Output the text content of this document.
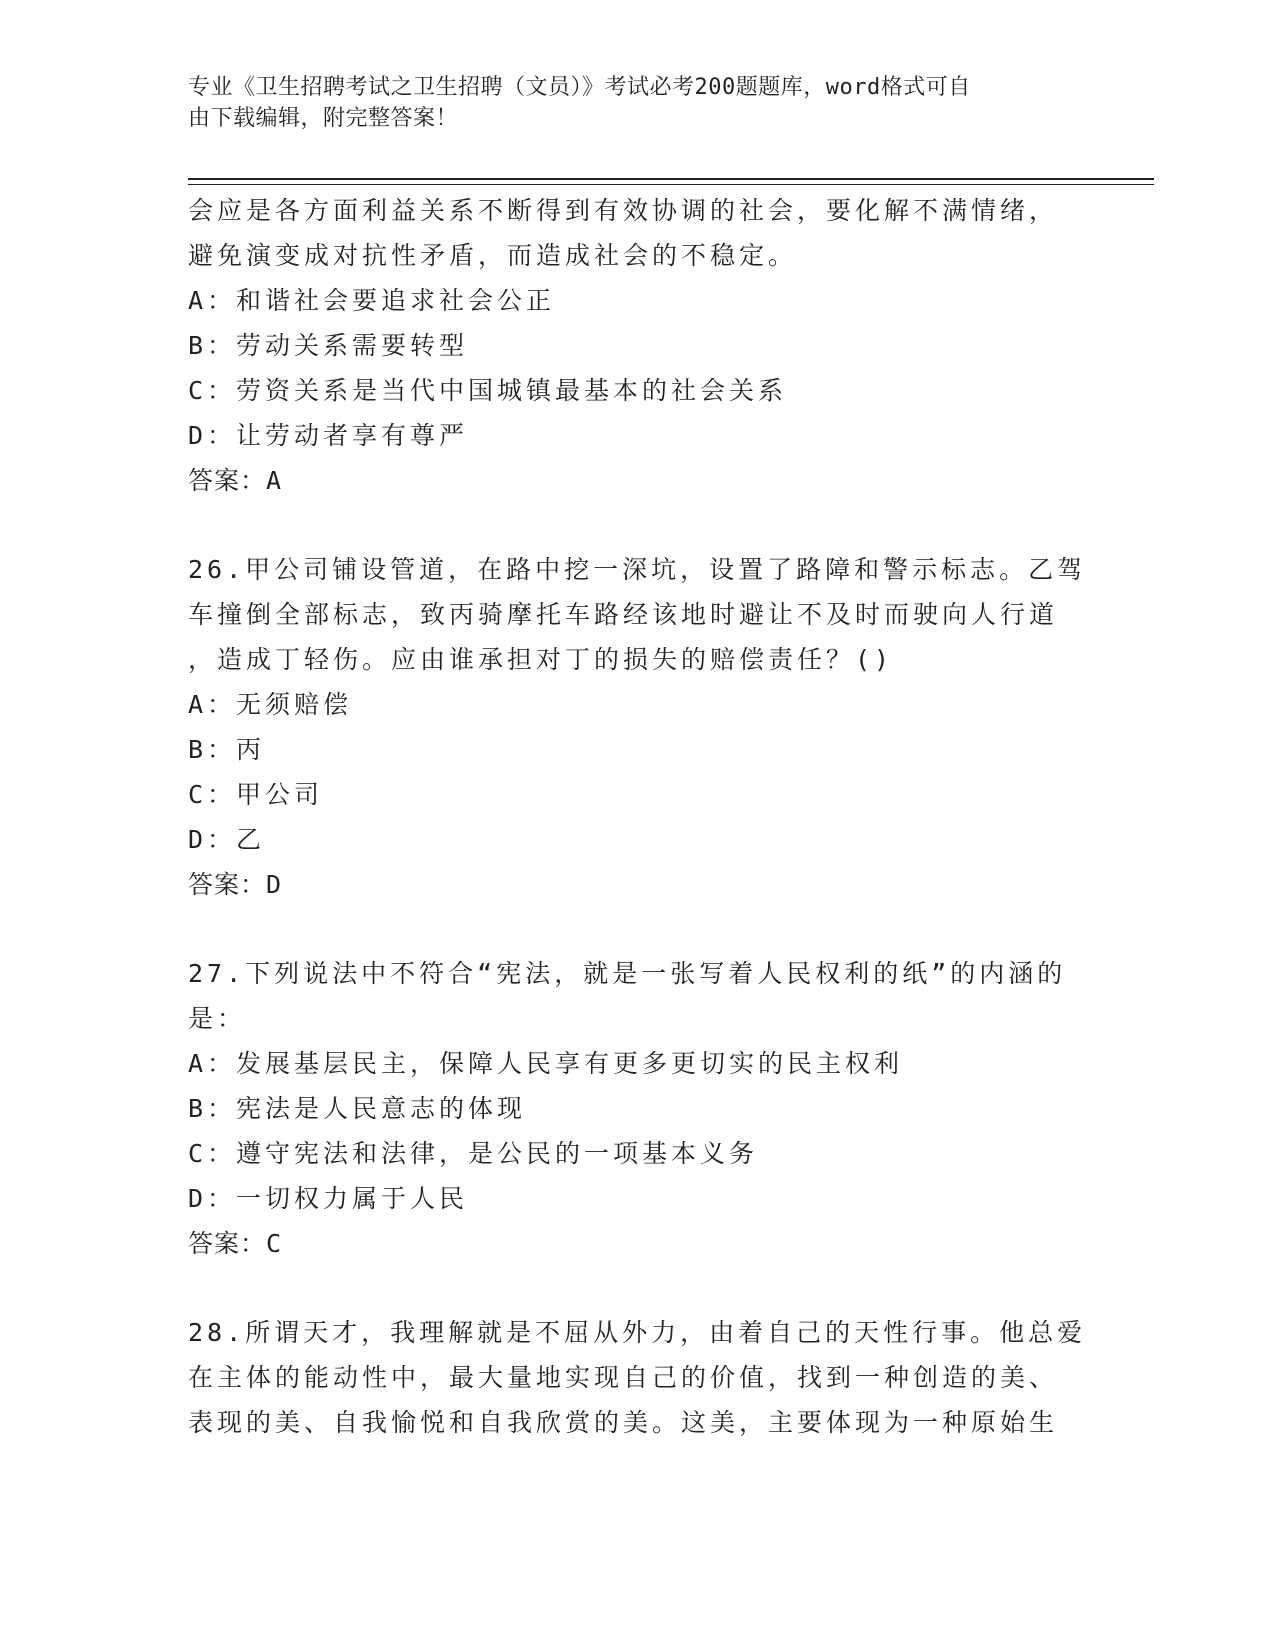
专业《卫生招聘考试之卫生招聘（文员）》考试必考200题题库，word格式可自
由下载编辑，附完整答案！
会应是各方面利益关系不断得到有效协调的社会，要化解不满情绪，
避免演变成对抗性矛盾，而造成社会的不稳定。
A：和谐社会要追求社会公正
B：劳动关系需要转型
C：劳资关系是当代中国城镇最基本的社会关系
D：让劳动者享有尊严
答案：A
26.甲公司铺设管道，在路中挖一深坑，设置了路障和警示标志。乙驾
车撞倒全部标志，致丙骑摩托车路经该地时避让不及时而驶向人行道
，造成丁轻伤。应由谁承担对丁的损失的赔偿责任？()
A：无须赔偿
B：丙
C：甲公司
D：乙
答案：D
27.下列说法中不符合“宪法，就是一张写着人民权利的纸”的内涵的
是：
A：发展基层民主，保障人民享有更多更切实的民主权利
B：宪法是人民意志的体现
C：遵守宪法和法律，是公民的一项基本义务
D：一切权力属于人民
答案：C
28.所谓天才，我理解就是不屈从外力，由着自己的天性行事。他总爱
在主体的能动性中，最大量地实现自己的价值，找到一种创造的美、
表现的美、自我愉悦和自我欣赏的美。这美，主要体现为一种原始生
